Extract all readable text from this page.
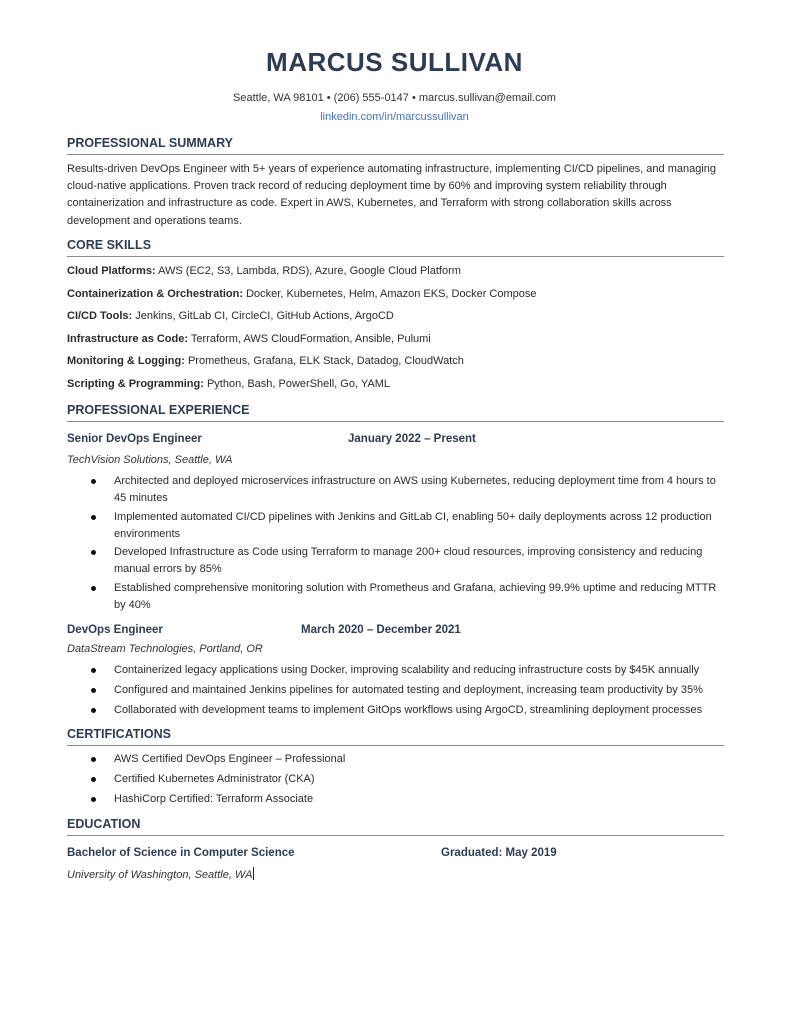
MARCUS SULLIVAN
Seattle, WA 98101 • (206) 555-0147 • marcus.sullivan@email.com
linkedin.com/in/marcussullivan
PROFESSIONAL SUMMARY
Results-driven DevOps Engineer with 5+ years of experience automating infrastructure, implementing CI/CD pipelines, and managing cloud-native applications. Proven track record of reducing deployment time by 60% and improving system reliability through containerization and infrastructure as code. Expert in AWS, Kubernetes, and Terraform with strong collaboration skills across development and operations teams.
CORE SKILLS
Cloud Platforms: AWS (EC2, S3, Lambda, RDS), Azure, Google Cloud Platform
Containerization & Orchestration: Docker, Kubernetes, Helm, Amazon EKS, Docker Compose
CI/CD Tools: Jenkins, GitLab CI, CircleCI, GitHub Actions, ArgoCD
Infrastructure as Code: Terraform, AWS CloudFormation, Ansible, Pulumi
Monitoring & Logging: Prometheus, Grafana, ELK Stack, Datadog, CloudWatch
Scripting & Programming: Python, Bash, PowerShell, Go, YAML
PROFESSIONAL EXPERIENCE
Senior DevOps Engineer	January 2022 – Present
TechVision Solutions, Seattle, WA
Architected and deployed microservices infrastructure on AWS using Kubernetes, reducing deployment time from 4 hours to 45 minutes
Implemented automated CI/CD pipelines with Jenkins and GitLab CI, enabling 50+ daily deployments across 12 production environments
Developed Infrastructure as Code using Terraform to manage 200+ cloud resources, improving consistency and reducing manual errors by 85%
Established comprehensive monitoring solution with Prometheus and Grafana, achieving 99.9% uptime and reducing MTTR by 40%
DevOps Engineer	March 2020 – December 2021
DataStream Technologies, Portland, OR
Containerized legacy applications using Docker, improving scalability and reducing infrastructure costs by $45K annually
Configured and maintained Jenkins pipelines for automated testing and deployment, increasing team productivity by 35%
Collaborated with development teams to implement GitOps workflows using ArgoCD, streamlining deployment processes
CERTIFICATIONS
AWS Certified DevOps Engineer – Professional
Certified Kubernetes Administrator (CKA)
HashiCorp Certified: Terraform Associate
EDUCATION
Bachelor of Science in Computer Science	Graduated: May 2019
University of Washington, Seattle, WA
